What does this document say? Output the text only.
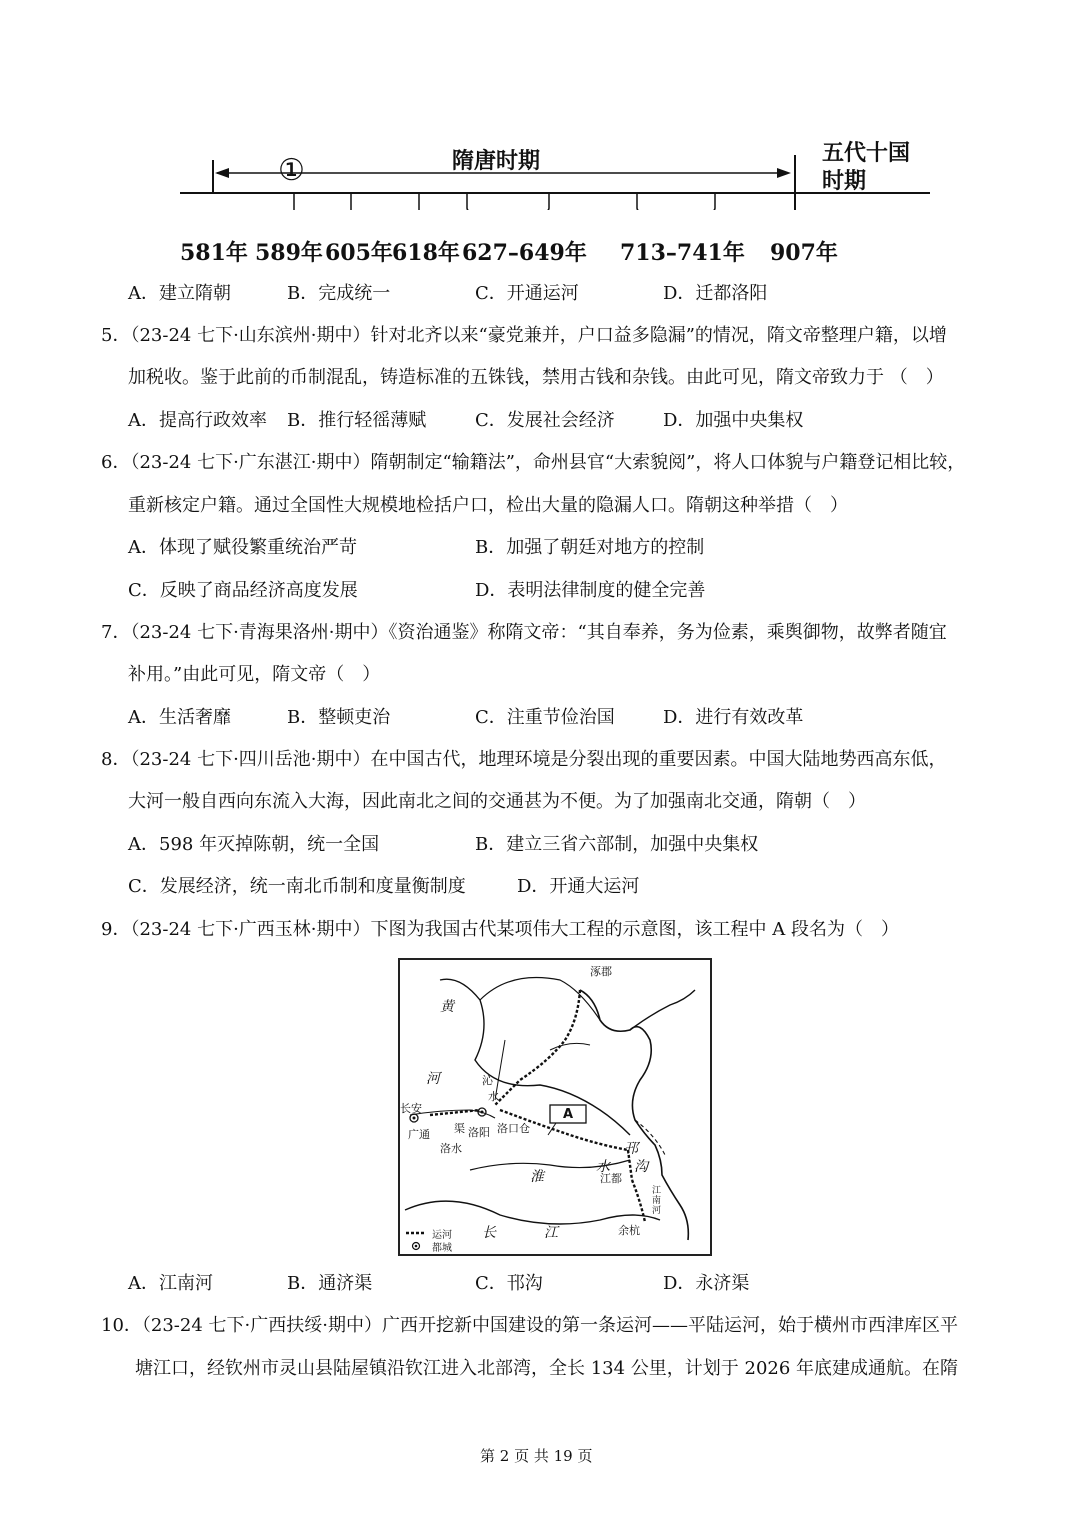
①	隋唐时期	五代十国
时期
581年 589年 605年 618年 627–649年 713–741年 907年
A．建立隋朝	B．完成统一	C．开通运河	D．迁都洛阳
5．（23-24 七下·山东滨州·期中）针对北齐以来“豪党兼并，户口益多隐漏”的情况，隋文帝整理户籍，以增
加税收。鉴于此前的币制混乱，铸造标准的五铢钱，禁用古钱和杂钱。由此可见，隋文帝致力于 （　）
A．提高行政效率 B．推行轻徭薄赋	C．发展社会经济	D．加强中央集权
6．（23-24 七下·广东湛江·期中）隋朝制定“输籍法”，命州县官“大索貌阅”，将人口体貌与户籍登记相比较，
重新核定户籍。通过全国性大规模地检括户口，检出大量的隐漏人口。隋朝这种举措（　）
A．体现了赋役繁重统治严苛	B．加强了朝廷对地方的控制
C．反映了商品经济高度发展	D．表明法律制度的健全完善
7．（23-24 七下·青海果洛州·期中）《资治通鉴》称隋文帝：“其自奉养，务为俭素，乘舆御物，故弊者随宜
补用。”由此可见，隋文帝（　）
A．生活奢靡	B．整顿吏治	C．注重节俭治国	D．进行有效改革
8．（23-24 七下·四川岳池·期中）在中国古代，地理环境是分裂出现的重要因素。中国大陆地势西高东低，
大河一般自西向东流入大海，因此南北之间的交通甚为不便。为了加强南北交通，隋朝（　）
A．598 年灭掉陈朝，统一全国	B．建立三省六部制，加强中央集权
C．发展经济，统一南北币制和度量衡制度	D．开通大运河
9．（23-24 七下·广西玉林·期中）下图为我国古代某项伟大工程的示意图，该工程中 A 段名为（　）
涿郡
黄
河	沁
水
长安
广通 渠 洛阳 洛口仓
洛水
A
淮
水
邗
沟
江都
江南河
余杭
长	江
运河
都城
A．江南河	B．通济渠	C．邗沟	D．永济渠
10．（23-24 七下·广西扶绥·期中）广西开挖新中国建设的第一条运河——平陆运河，始于横州市西津库区平
塘江口，经钦州市灵山县陆屋镇沿钦江进入北部湾，全长 134 公里，计划于 2026 年底建成通航。在隋
第 2 页 共 19 页
